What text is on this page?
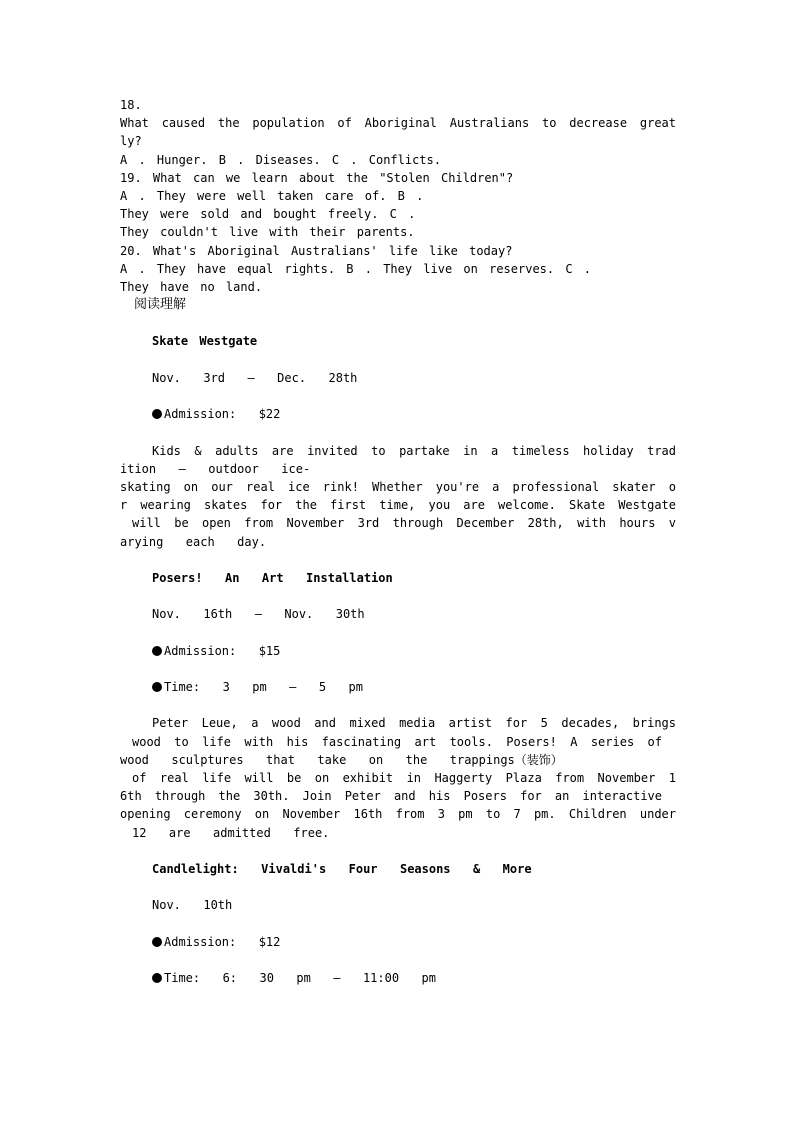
18.
What caused the population of Aboriginal Australians to decrease great
ly?
A . Hunger. B . Diseases. C . Conflicts.
19. What can we learn about the "Stolen Children"?
A . They were well taken care of. B .
They were sold and bought freely. C .
They couldn't live with their parents.
20. What's Aboriginal Australians' life like today?
A . They have equal rights. B . They live on reserves. C .
They have no land.
阅读理解
Skate Westgate
Nov.  3rd  —  Dec.  28th
Admission:  $22
Kids & adults are invited to partake in a timeless holiday trad
ition  —  outdoor  ice-
skating on our real ice rink! Whether you're a professional skater o
r wearing skates for the first time, you are welcome. Skate Westgate
will be open from November 3rd through December 28th, with hours v
arying  each  day.
Posers!  An  Art  Installation
Nov.  16th  —  Nov.  30th
Admission:  $15
Time:  3  pm  —  5  pm
Peter Leue, a wood and mixed media artist for 5 decades, brings
wood to life with his fascinating art tools. Posers! A series of
wood  sculptures  that  take  on  the  trappings（装饰）
of real life will be on exhibit in Haggerty Plaza from November 1
6th through the 30th. Join Peter and his Posers for an interactive
opening ceremony on November 16th from 3 pm to 7 pm. Children under
12  are  admitted  free.
Candlelight:  Vivaldi's  Four  Seasons  &  More
Nov.  10th
Admission:  $12
Time:  6:  30  pm  —  11:00  pm
